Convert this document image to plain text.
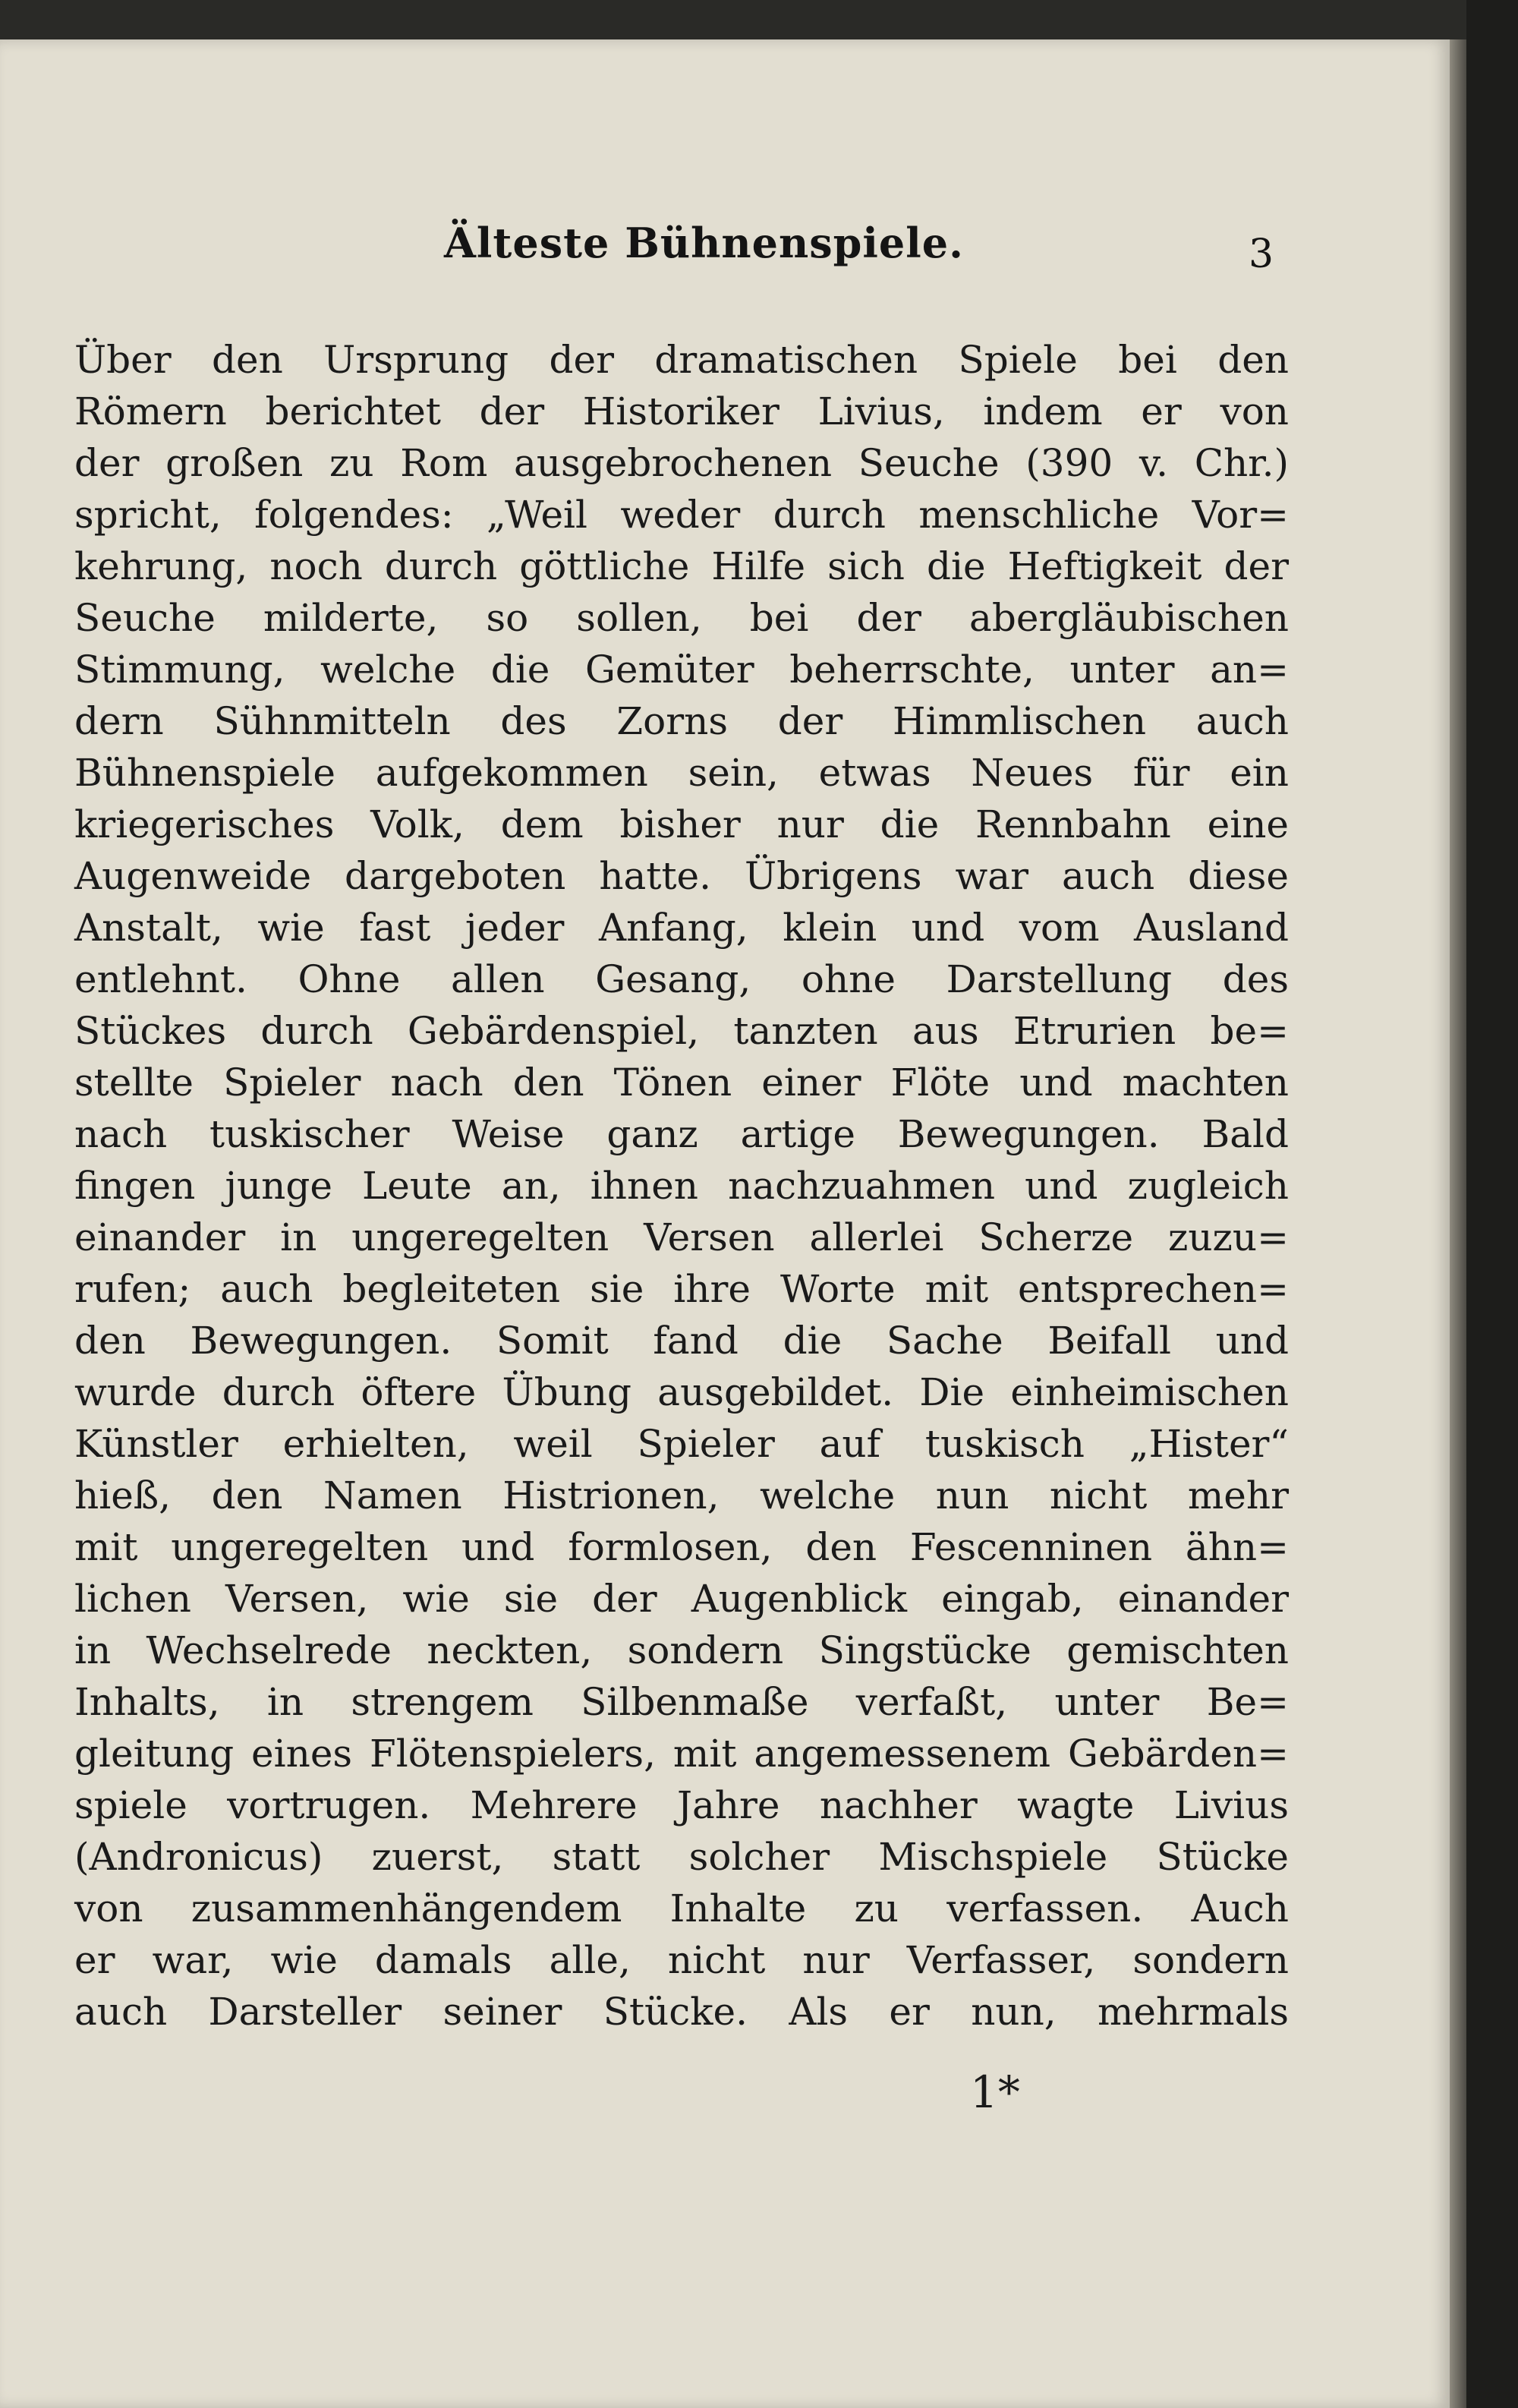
Älteste Bühnenspiele.	3
Über den Ursprung der dramatischen Spiele bei den
Römern berichtet der Historiker Livius, indem er von
der großen zu Rom ausgebrochenen Seuche (390 v. Chr.)
spricht, folgendes: „Weil weder durch menschliche Vor=
kehrung, noch durch göttliche Hilfe sich die Heftigkeit der
Seuche milderte, so sollen, bei der abergläubischen
Stimmung, welche die Gemüter beherrschte, unter an=
dern Sühnmitteln des Zorns der Himmlischen auch
Bühnenspiele aufgekommen sein, etwas Neues für ein
kriegerisches Volk, dem bisher nur die Rennbahn eine
Augenweide dargeboten hatte. Übrigens war auch diese
Anstalt, wie fast jeder Anfang, klein und vom Ausland
entlehnt. Ohne allen Gesang, ohne Darstellung des
Stückes durch Gebärdenspiel, tanzten aus Etrurien be=
stellte Spieler nach den Tönen einer Flöte und machten
nach tuskischer Weise ganz artige Bewegungen. Bald
fingen junge Leute an, ihnen nachzuahmen und zugleich
einander in ungeregelten Versen allerlei Scherze zuzu=
rufen; auch begleiteten sie ihre Worte mit entsprechen=
den Bewegungen. Somit fand die Sache Beifall und
wurde durch öftere Übung ausgebildet. Die einheimischen
Künstler erhielten, weil Spieler auf tuskisch „Hister“
hieß, den Namen Histrionen, welche nun nicht mehr
mit ungeregelten und formlosen, den Fescenninen ähn=
lichen Versen, wie sie der Augenblick eingab, einander
in Wechselrede neckten, sondern Singstücke gemischten
Inhalts, in strengem Silbenmaße verfaßt, unter Be=
gleitung eines Flötenspielers, mit angemessenem Gebärden=
spiele vortrugen. Mehrere Jahre nachher wagte Livius
(Andronicus) zuerst, statt solcher Mischspiele Stücke
von zusammenhängendem Inhalte zu verfassen. Auch
er war, wie damals alle, nicht nur Verfasser, sondern
auch Darsteller seiner Stücke. Als er nun, mehrmals
1*
